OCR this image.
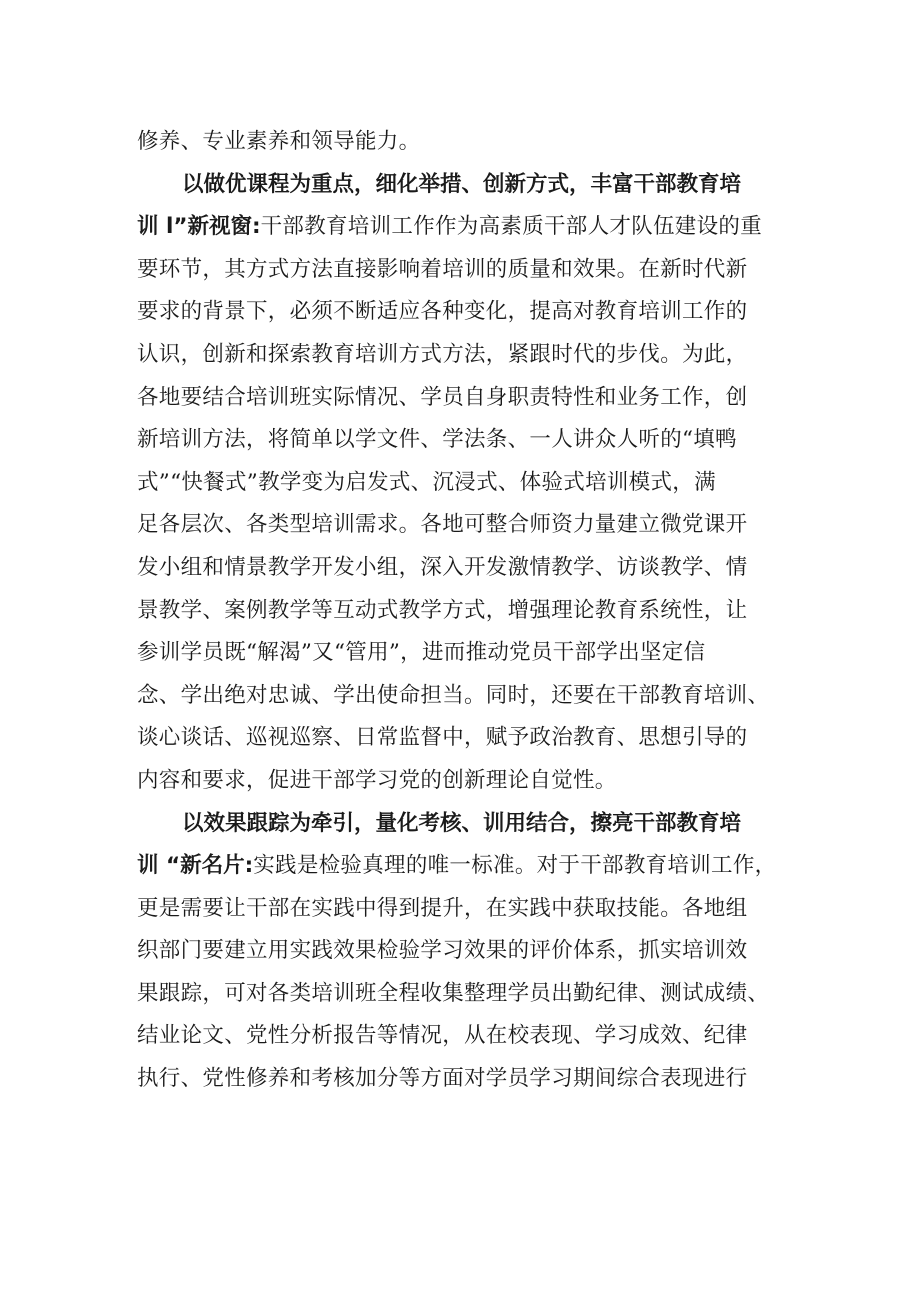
修养、专业素养和领导能力。
以做优课程为重点，细化举措、创新方式，丰富干部教育培
训 l”新视窗:干部教育培训工作作为高素质干部人才队伍建设的重
要环节，其方式方法直接影响着培训的质量和效果。在新时代新
要求的背景下，必须不断适应各种变化，提高对教育培训工作的
认识，创新和探索教育培训方式方法，紧跟时代的步伐。为此，
各地要结合培训班实际情况、学员自身职责特性和业务工作，创
新培训方法，将简单以学文件、学法条、一人讲众人听的“填鸭
式”“快餐式”教学变为启发式、沉浸式、体验式培训模式，满
足各层次、各类型培训需求。各地可整合师资力量建立微党课开
发小组和情景教学开发小组，深入开发激情教学、访谈教学、情
景教学、案例教学等互动式教学方式，增强理论教育系统性，让
参训学员既“解渴”又“管用”，进而推动党员干部学出坚定信
念、学出绝对忠诚、学出使命担当。同时，还要在干部教育培训、
谈心谈话、巡视巡察、日常监督中，赋予政治教育、思想引导的
内容和要求，促进干部学习党的创新理论自觉性。
以效果跟踪为牵引，量化考核、训用结合，擦亮干部教育培
训 “新名片:实践是检验真理的唯一标准。对于干部教育培训工作，
更是需要让干部在实践中得到提升，在实践中获取技能。各地组
织部门要建立用实践效果检验学习效果的评价体系，抓实培训效
果跟踪，可对各类培训班全程收集整理学员出勤纪律、测试成绩、
结业论文、党性分析报告等情况，从在校表现、学习成效、纪律
执行、党性修养和考核加分等方面对学员学习期间综合表现进行
